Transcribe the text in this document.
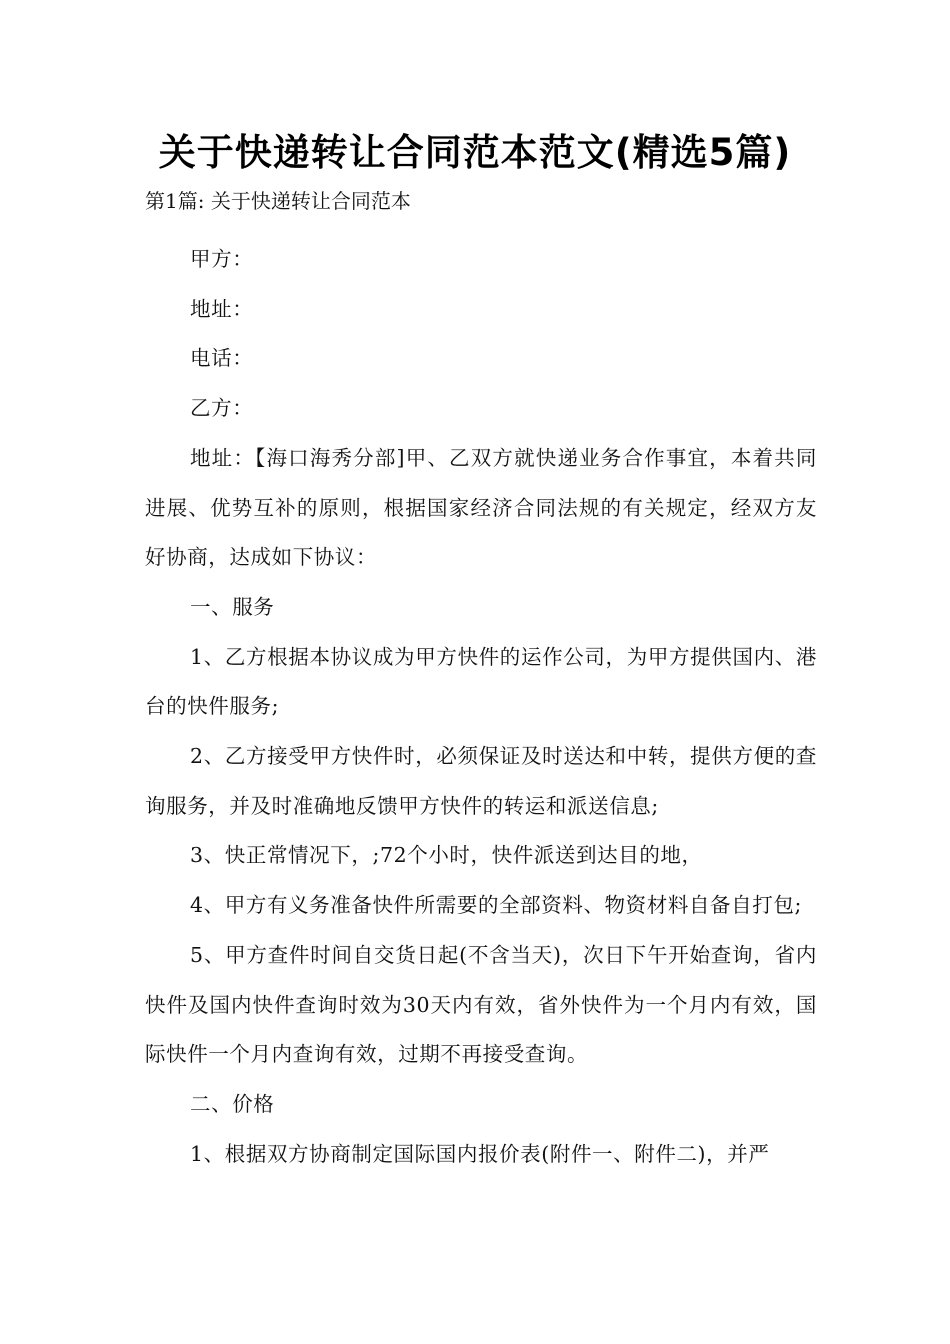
关于快递转让合同范本范文(精选5篇)

第1篇: 关于快递转让合同范本

甲方：

地址：

电话：

乙方：

地址：【海口海秀分部]甲、乙双方就快递业务合作事宜，本着共同进展、优势互补的原则，根据国家经济合同法规的有关规定，经双方友好协商，达成如下协议：

一、服务

1、乙方根据本协议成为甲方快件的运作公司，为甲方提供国内、港台的快件服务;

2、乙方接受甲方快件时，必须保证及时送达和中转，提供方便的查询服务，并及时准确地反馈甲方快件的转运和派送信息;

3、快正常情况下，;72个小时，快件派送到达目的地，

4、甲方有义务准备快件所需要的全部资料、物资材料自备自打包;

5、甲方查件时间自交货日起(不含当天)，次日下午开始查询，省内快件及国内快件查询时效为30天内有效，省外快件为一个月内有效，国际快件一个月内查询有效，过期不再接受查询。

二、价格

1、根据双方协商制定国际国内报价表(附件一、附件二)，并严
